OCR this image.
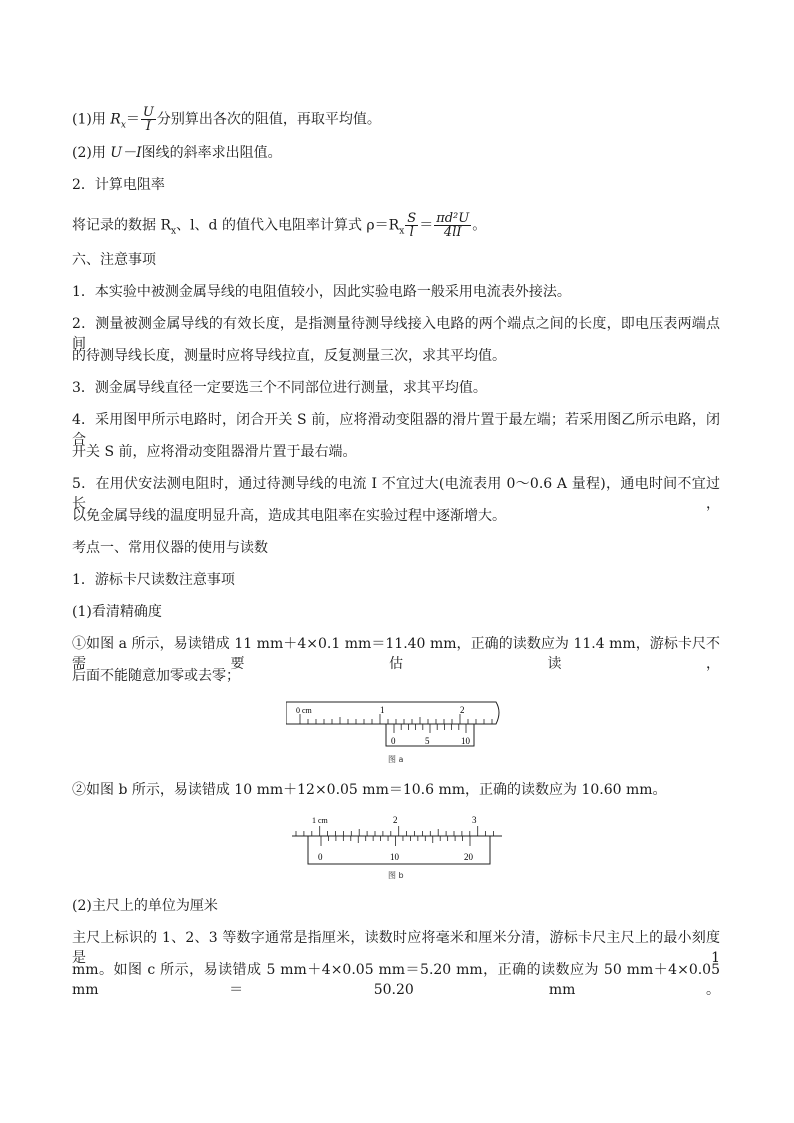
(1)用 $R_x= \frac{U}{I}$ 分别算出各次的阻值，再取平均值。
(2)用 U－I图线的斜率求出阻值。
2．计算电阻率
将记录的数据 $R_x$、l、d 的值代入电阻率计算式 $\rho=R_x \frac{S}{l} = \frac{\text{πd²U}}{4lI}$ 。
六、注意事项
1．本实验中被测金属导线的电阻值较小，因此实验电路一般采用电流表外接法。
2．测量被测金属导线的有效长度，是指测量待测导线接入电路的两个端点之间的长度，即电压表两端点间
的待测导线长度，测量时应将导线拉直，反复测量三次，求其平均值。
3．测金属导线直径一定要选三个不同部位进行测量，求其平均值。
4．采用图甲所示电路时，闭合开关 S 前，应将滑动变阻器的滑片置于最左端；若采用图乙所示电路，闭合
开关 S 前，应将滑动变阻器滑片置于最右端。
5．在用伏安法测电阻时，通过待测导线的电流 I 不宜过大(电流表用 0～0.6 A 量程)，通电时间不宜过长，
以免金属导线的温度明显升高，造成其电阻率在实验过程中逐渐增大。
考点一、常用仪器的使用与读数
1．游标卡尺读数注意事项
(1)看清精确度
①如图 a 所示，易读错成 11 mm＋4×0.1 mm＝11.40 mm，正确的读数应为 11.4 mm，游标卡尺不需要估读，
后面不能随意加零或去零；
0 cm	1	2
0	5	10
图 a
②如图 b 所示，易读错成 10 mm＋12×0.05 mm＝10.6 mm，正确的读数应为 10.60 mm。
1 cm	2	3
0	10	20
图 b
(2)主尺上的单位为厘米
主尺上标识的 1、2、3 等数字通常是指厘米，读数时应将毫米和厘米分清，游标卡尺主尺上的最小刻度是 1
mm。如图 c 所示，易读错成 5 mm＋4×0.05 mm＝5.20 mm，正确的读数应为 50 mm＋4×0.05 mm＝50.20 mm。
